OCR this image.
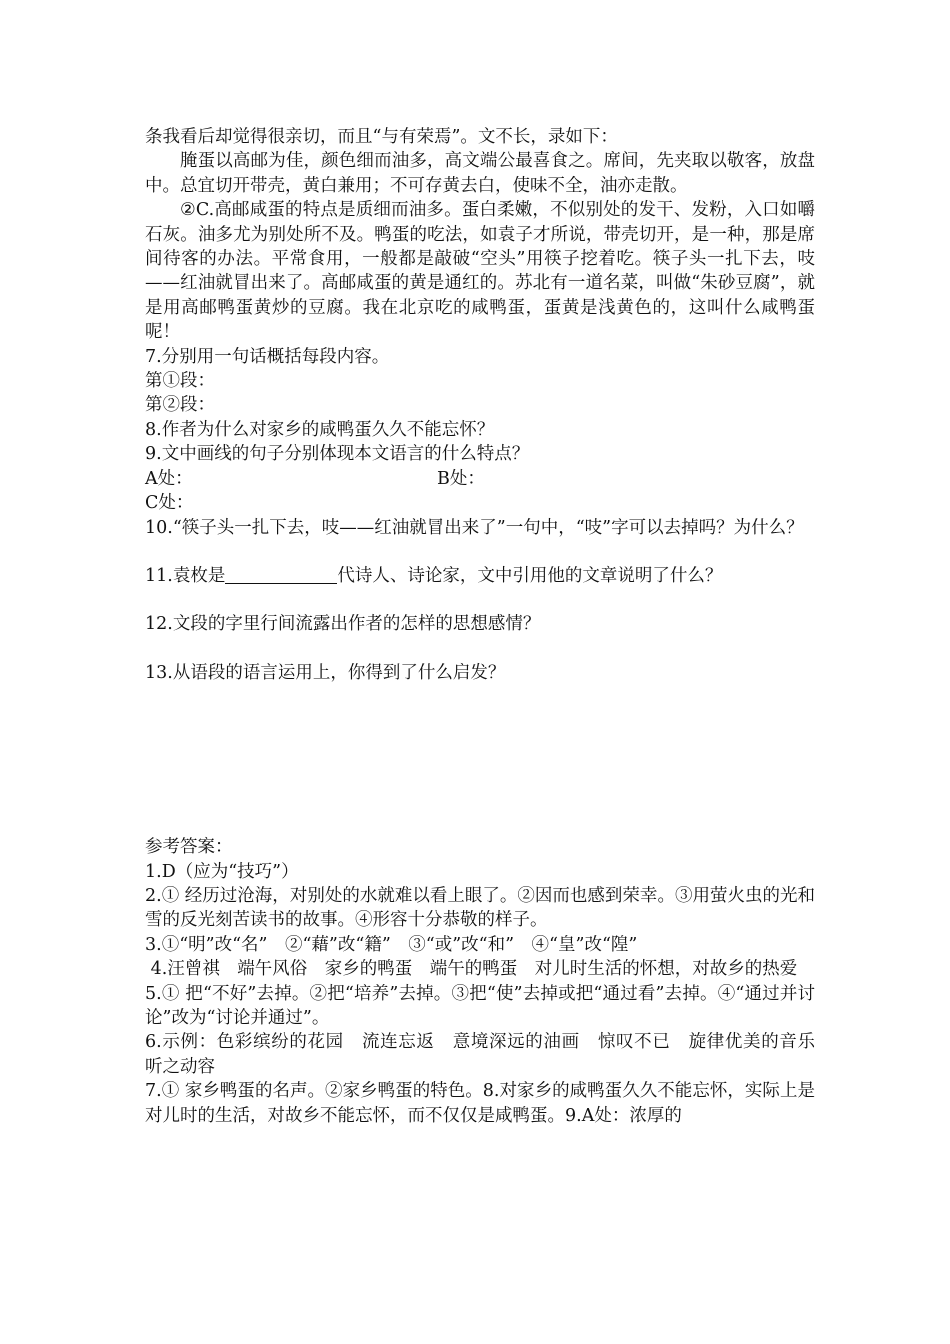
条我看后却觉得很亲切，而且“与有荣焉”。文不长，录如下：

腌蛋以高邮为佳，颜色细而油多，高文端公最喜食之。席间，先夹取以敬客，放盘中。总宜切开带壳，黄白兼用；不可存黄去白，使味不全，油亦走散。

②C.高邮咸蛋的特点是质细而油多。蛋白柔嫩，不似别处的发干、发粉，入口如嚼石灰。油多尤为别处所不及。鸭蛋的吃法，如袁子才所说，带壳切开，是一种，那是席间待客的办法。平常食用，一般都是敲破“空头”用筷子挖着吃。筷子头一扎下去，吱——红油就冒出来了。高邮咸蛋的黄是通红的。苏北有一道名菜，叫做“朱砂豆腐”，就是用高邮鸭蛋黄炒的豆腐。我在北京吃的咸鸭蛋，蛋黄是浅黄色的，这叫什么咸鸭蛋呢！

7.分别用一句话概括每段内容。

第①段：

第②段：

8.作者为什么对家乡的咸鸭蛋久久不能忘怀？

9.文中画线的句子分别体现本文语言的什么特点？

A处：	B处：

C处：

10.“筷子头一扎下去，吱——红油就冒出来了”一句中，“吱”字可以去掉吗？为什么？

11.袁枚是	代诗人、诗论家，文中引用他的文章说明了什么？

12.文段的字里行间流露出作者的怎样的思想感情？

13.从语段的语言运用上，你得到了什么启发？

参考答案：

1.D（应为“技巧”）

2.① 经历过沧海，对别处的水就难以看上眼了。②因而也感到荣幸。③用萤火虫的光和雪的反光刻苦读书的故事。④形容十分恭敬的样子。

3.①“明”改“名”　②“藉”改“籍”　③“或”改“和”　④“皇”改“隍”

4.汪曾祺　端午风俗　家乡的鸭蛋　端午的鸭蛋　对儿时生活的怀想，对故乡的热爱

5.① 把“不好”去掉。②把“培养”去掉。③把“使”去掉或把“通过看”去掉。④“通过并讨论”改为“讨论并通过”。

6.示例：色彩缤纷的花园　流连忘返　意境深远的油画　惊叹不已　旋律优美的音乐　听之动容

7.① 家乡鸭蛋的名声。②家乡鸭蛋的特色。8.对家乡的咸鸭蛋久久不能忘怀，实际上是对儿时的生活，对故乡不能忘怀，而不仅仅是咸鸭蛋。9.A处：浓厚的
